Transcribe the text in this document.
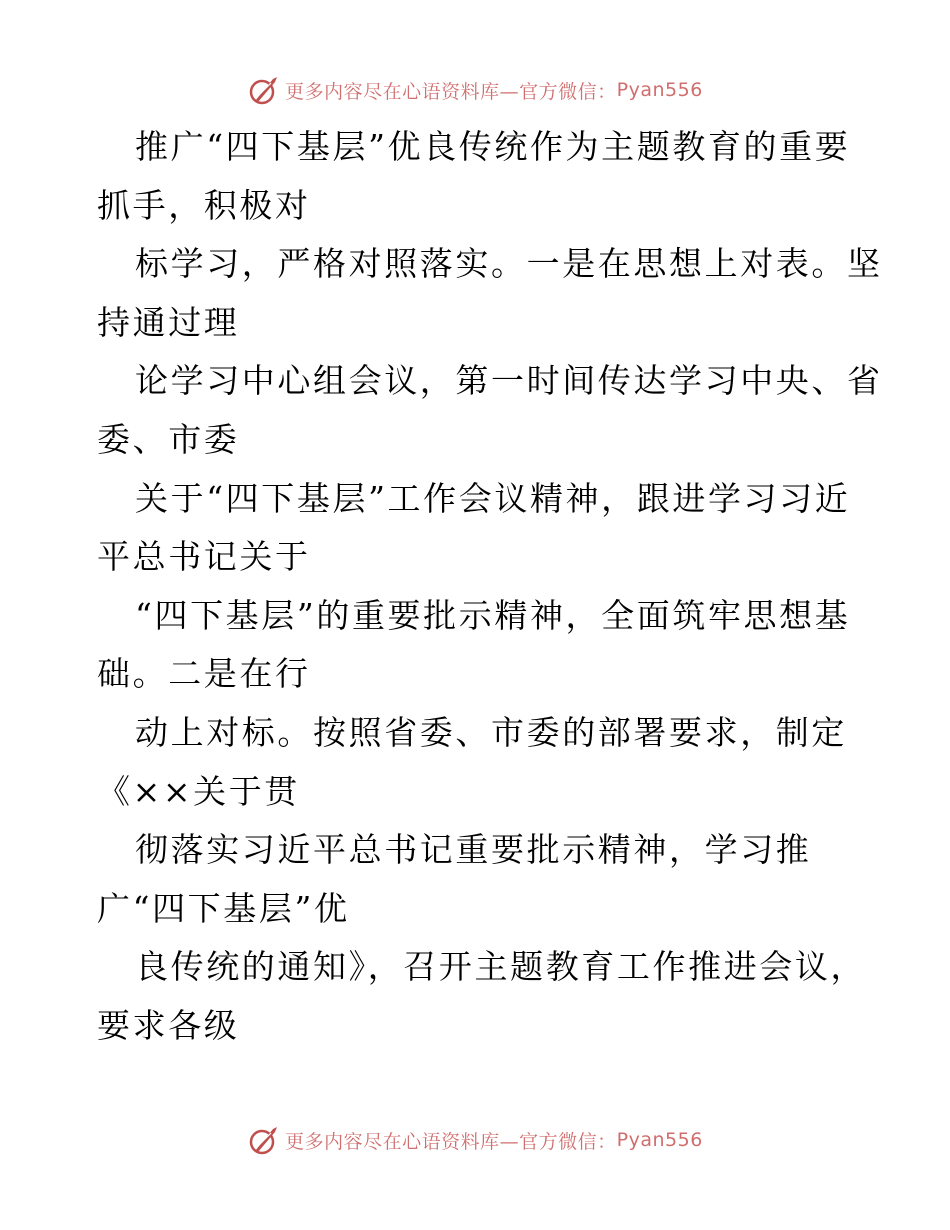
更多内容尽在心语资料库—官方微信： Pyan556
推广“四下基层”优良传统作为主题教育的重要
抓手，积极对
标学习，严格对照落实。一是在思想上对表。坚
持通过理
论学习中心组会议，第一时间传达学习中央、省
委、市委
关于“四下基层”工作会议精神，跟进学习习近
平总书记关于
“四下基层”的重要批示精神，全面筑牢思想基
础。二是在行
动上对标。按照省委、市委的部署要求，制定
《××关于贯
彻落实习近平总书记重要批示精神，学习推
广“四下基层”优
良传统的通知》，召开主题教育工作推进会议，
要求各级
更多内容尽在心语资料库—官方微信： Pyan556
